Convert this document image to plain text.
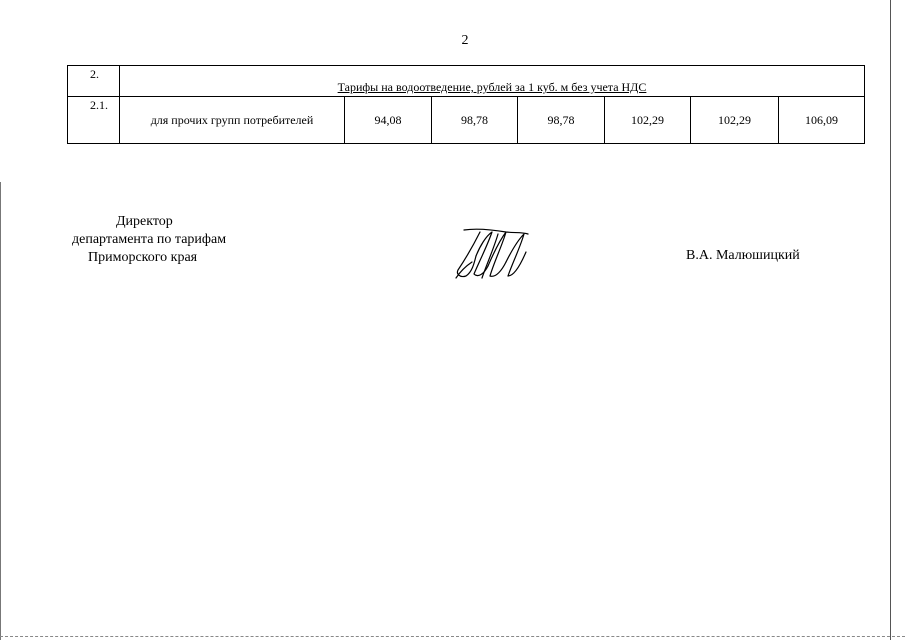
2
2.	Тарифы на водоотведение, рублей за 1 куб. м без учета НДС						
2.1.	для прочих групп потребителей	94,08	98,78	98,78	102,29	102,29	106,09
Директор
департамента по тарифам
Приморского края	В.А. Малюшицкий
